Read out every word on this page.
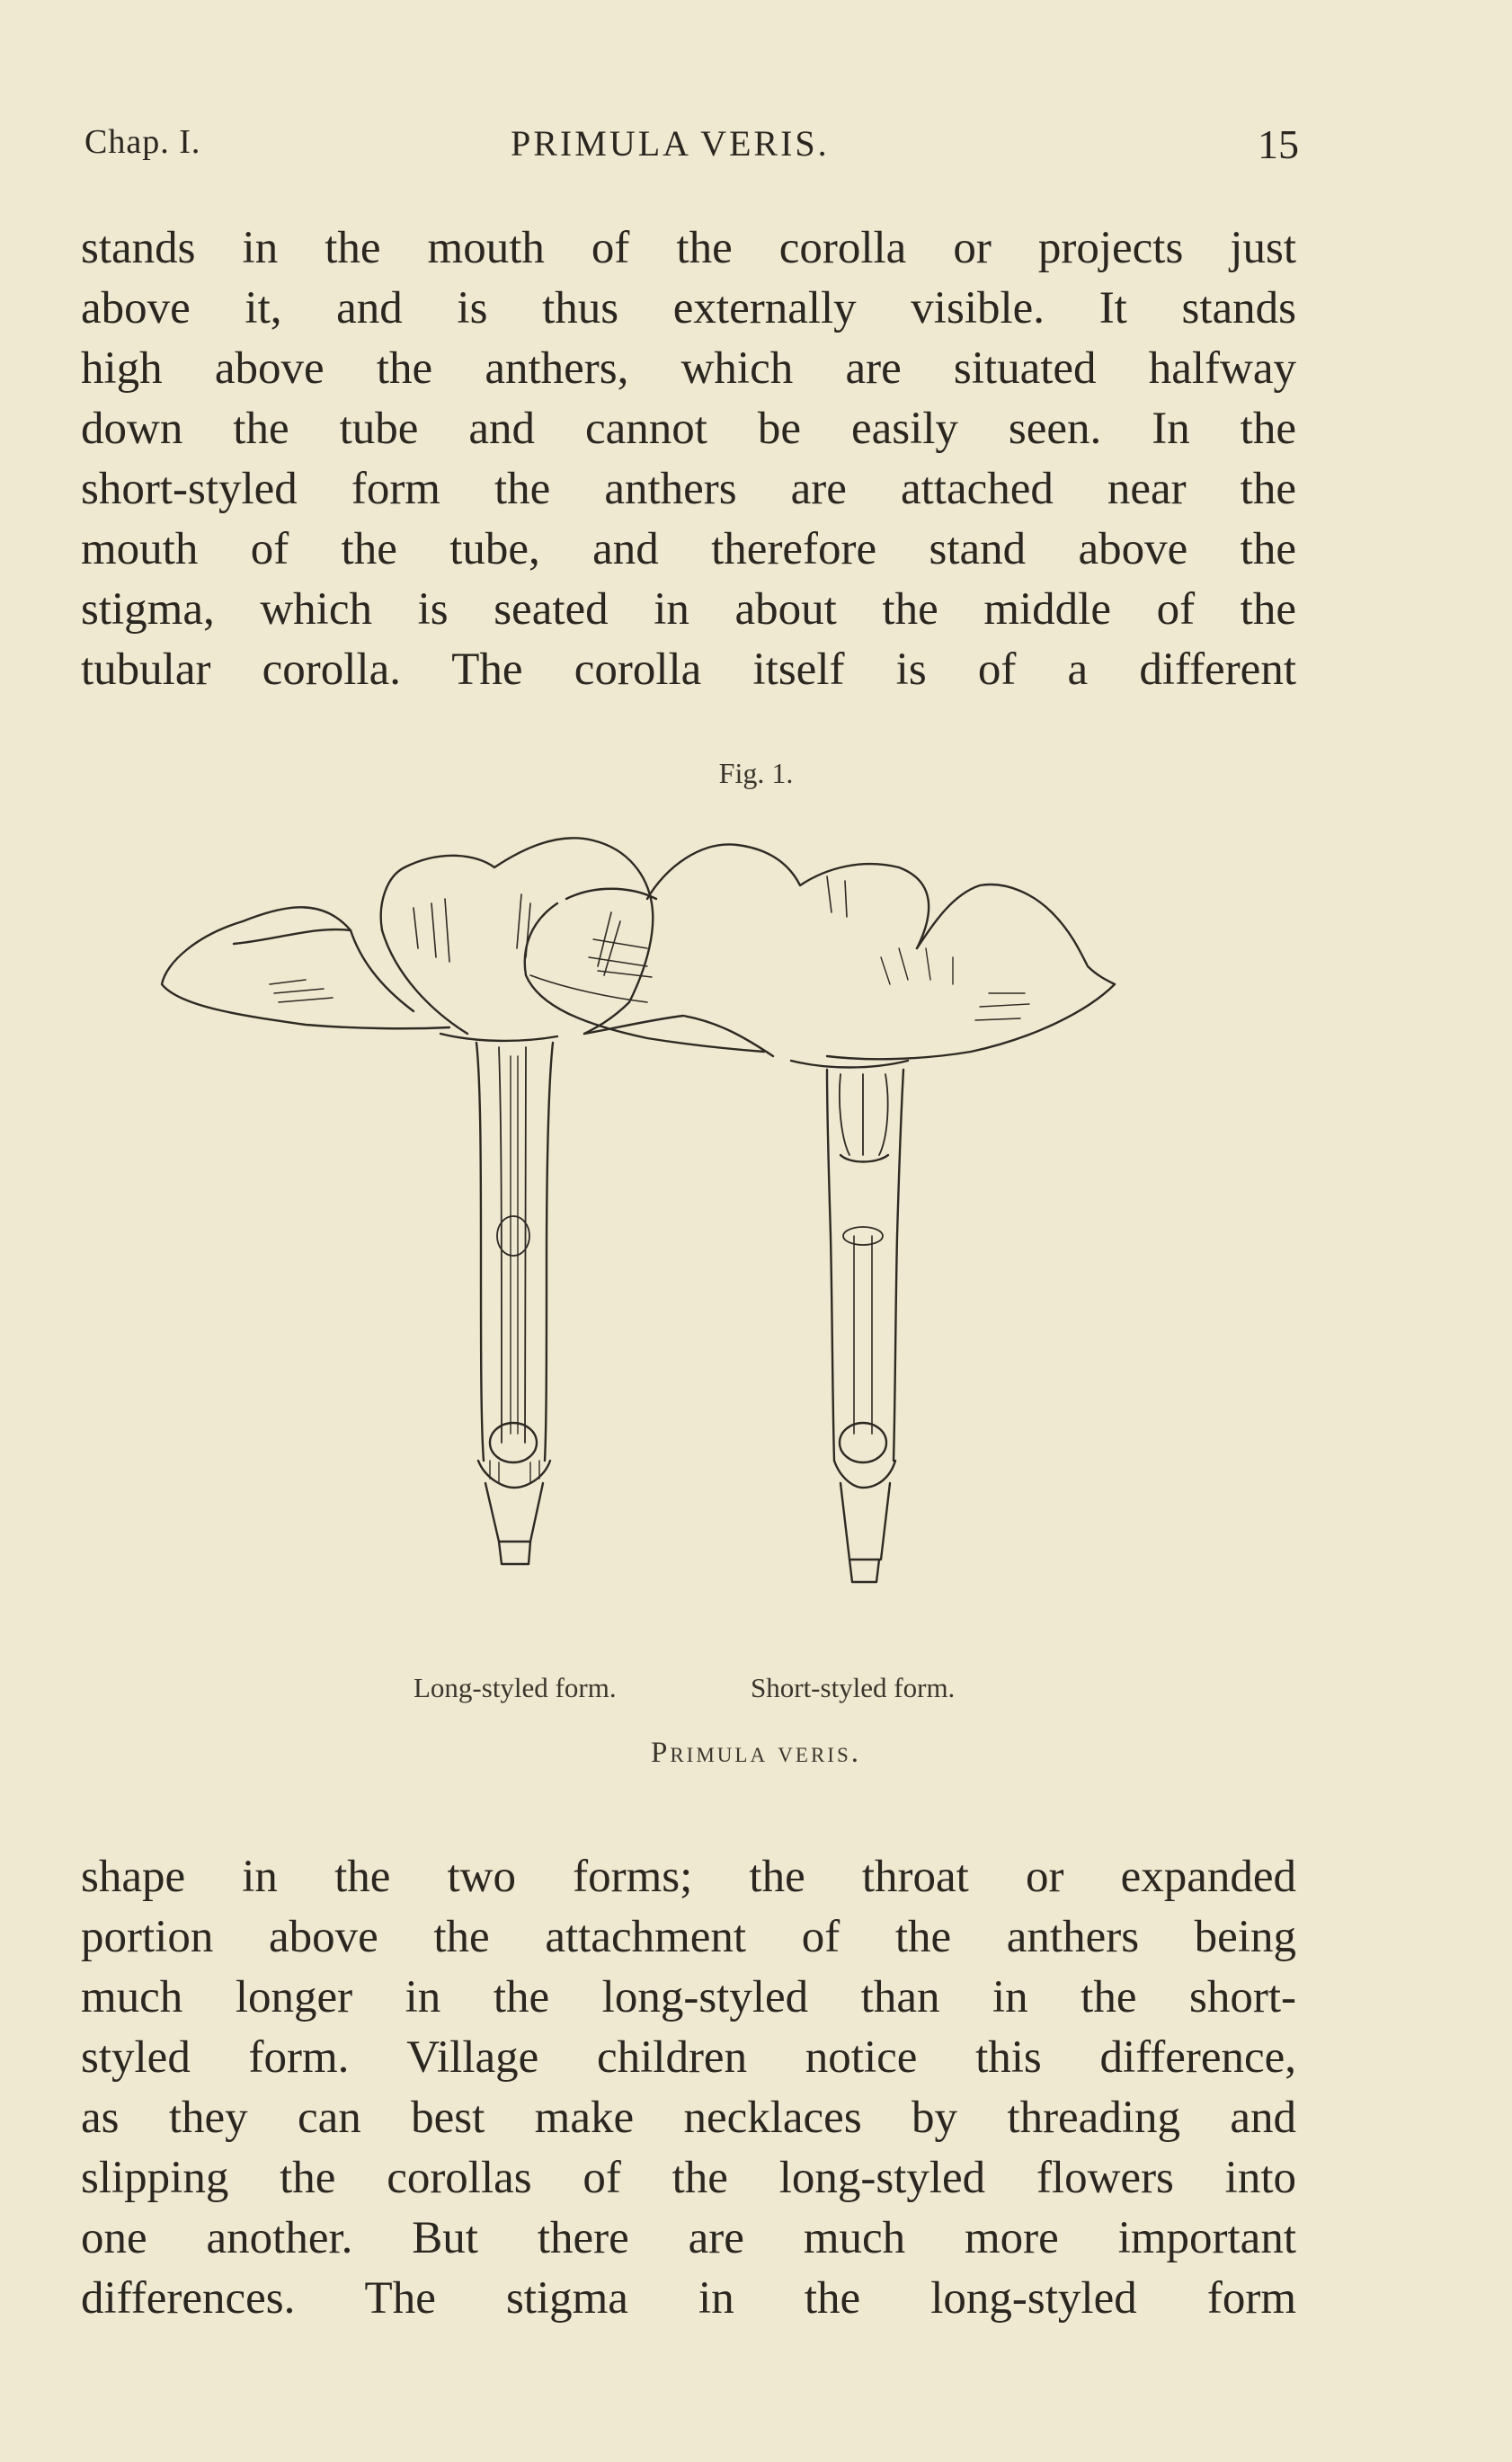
Chap. I.	PRIMULA VERIS.	15
stands in the mouth of the corolla or projects just
above it, and is thus externally visible. It stands
high above the anthers, which are situated halfway
down the tube and cannot be easily seen. In the
short-styled form the anthers are attached near the
mouth of the tube, and therefore stand above the
stigma, which is seated in about the middle of the
tubular corolla. The corolla itself is of a different
Fig. 1.
Long-styled form.	Short-styled form.
Primula veris.
shape in the two forms; the throat or expanded
portion above the attachment of the anthers being
much longer in the long-styled than in the short-
styled form. Village children notice this difference,
as they can best make necklaces by threading and
slipping the corollas of the long-styled flowers into
one another. But there are much more important
differences. The stigma in the long-styled form
